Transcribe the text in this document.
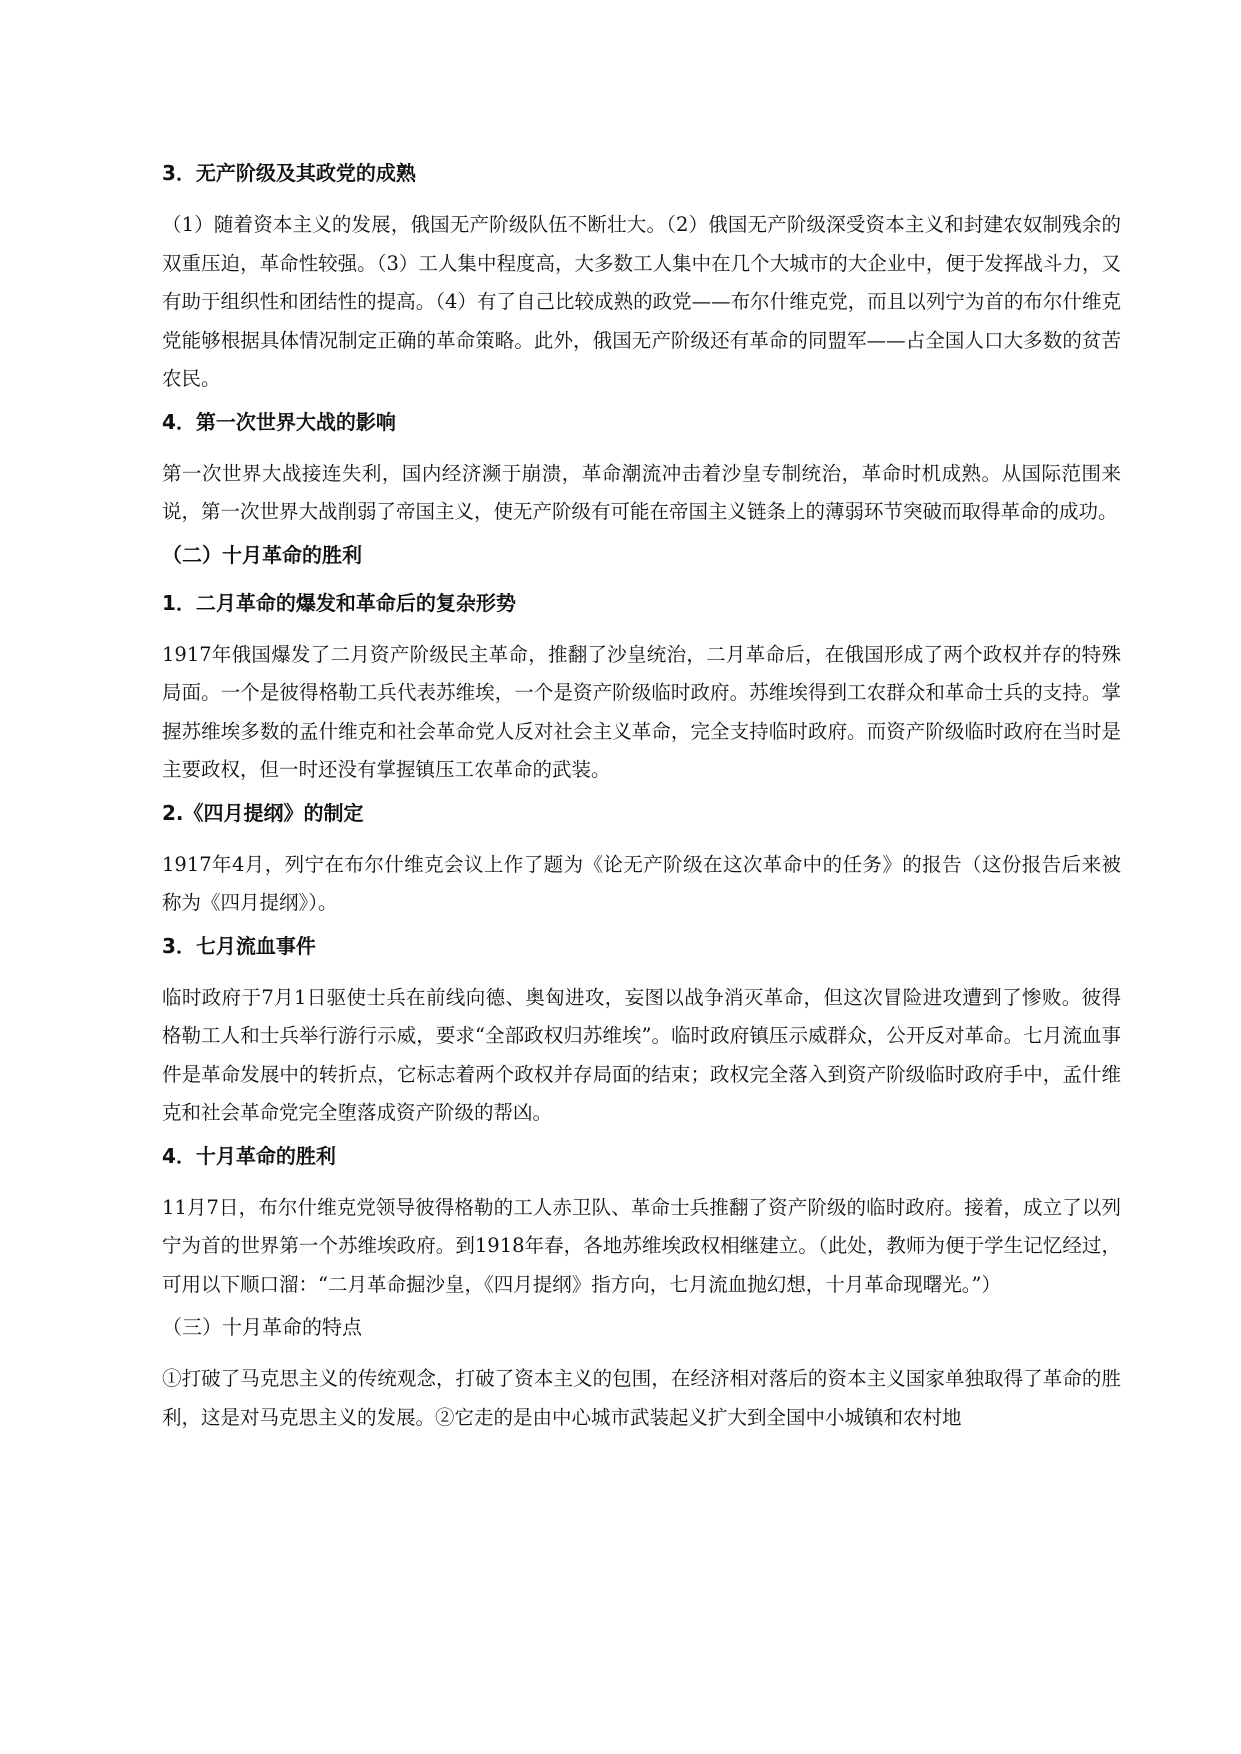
3．无产阶级及其政党的成熟

（1）随着资本主义的发展，俄国无产阶级队伍不断壮大。（2）俄国无产阶级深受资本主义和封建农奴制残余的双重压迫，革命性较强。（3）工人集中程度高，大多数工人集中在几个大城市的大企业中，便于发挥战斗力，又有助于组织性和团结性的提高。（4）有了自己比较成熟的政党——布尔什维克党，而且以列宁为首的布尔什维克党能够根据具体情况制定正确的革命策略。此外，俄国无产阶级还有革命的同盟军——占全国人口大多数的贫苦农民。

4．第一次世界大战的影响

第一次世界大战接连失利，国内经济濒于崩溃，革命潮流冲击着沙皇专制统治，革命时机成熟。从国际范围来说，第一次世界大战削弱了帝国主义，使无产阶级有可能在帝国主义链条上的薄弱环节突破而取得革命的成功。

（二）十月革命的胜利
1．二月革命的爆发和革命后的复杂形势

1917年俄国爆发了二月资产阶级民主革命，推翻了沙皇统治，二月革命后，在俄国形成了两个政权并存的特殊局面。一个是彼得格勒工兵代表苏维埃，一个是资产阶级临时政府。苏维埃得到工农群众和革命士兵的支持。掌握苏维埃多数的孟什维克和社会革命党人反对社会主义革命，完全支持临时政府。而资产阶级临时政府在当时是主要政权，但一时还没有掌握镇压工农革命的武装。

2.《四月提纲》的制定

1917年4月，列宁在布尔什维克会议上作了题为《论无产阶级在这次革命中的任务》的报告（这份报告后来被称为《四月提纲》）。

3．七月流血事件

临时政府于7月1日驱使士兵在前线向德、奥匈进攻，妄图以战争消灭革命，但这次冒险进攻遭到了惨败。彼得格勒工人和士兵举行游行示威，要求“全部政权归苏维埃”。临时政府镇压示威群众，公开反对革命。七月流血事件是革命发展中的转折点，它标志着两个政权并存局面的结束；政权完全落入到资产阶级临时政府手中，孟什维克和社会革命党完全堕落成资产阶级的帮凶。

4．十月革命的胜利

11月7日，布尔什维克党领导彼得格勒的工人赤卫队、革命士兵推翻了资产阶级的临时政府。接着，成立了以列宁为首的世界第一个苏维埃政府。到1918年春，各地苏维埃政权相继建立。（此处，教师为便于学生记忆经过，可用以下顺口溜：“二月革命掘沙皇，《四月提纲》指方向，七月流血抛幻想，十月革命现曙光。”）

（三）十月革命的特点

①打破了马克思主义的传统观念，打破了资本主义的包围，在经济相对落后的资本主义国家单独取得了革命的胜利，这是对马克思主义的发展。②它走的是由中心城市武装起义扩大到全国中小城镇和农村地
